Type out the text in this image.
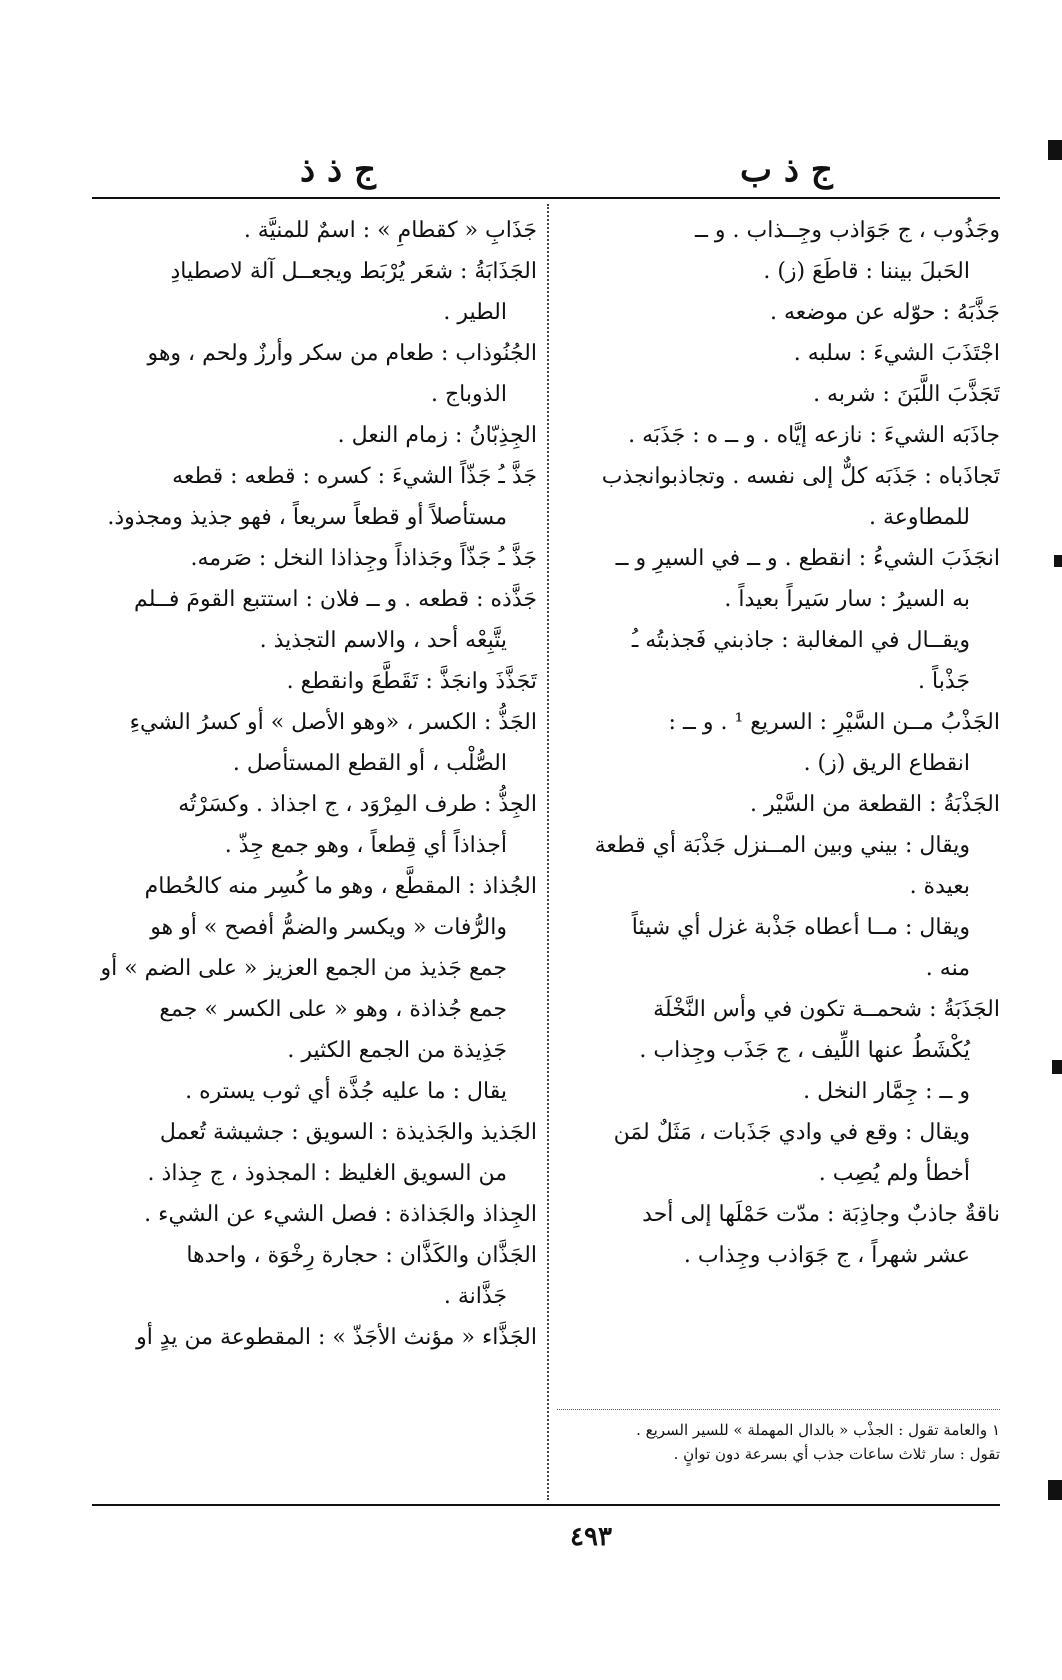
ج ذ ب
ج ذ ذ
وجَذُوب ، ج جَوَاذب وجِــذاب . و ــ
الحَبلَ بيننا : قاطَعَ (ز) .
جَذَّبَهُ : حوّله عن موضعه .
اجْتَذَبَ الشيءَ : سلبه .
تَجَذَّبَ اللَّبَنَ : شربه .
جاذَبَه الشيءَ : نازعه إيَّاه . و ــ ه : جَذَبَه .
تَجاذَباه : جَذَبَه كلٌّ إلى نفسه . وتجاذبوانجذب
للمطاوعة .
انجَذَبَ الشيءُ : انقطع . و ــ في السيرِ و ــ
به السيرُ : سار سَيراً بعيداً .
ويقــال في المغالبة : جاذبني فَجذبتُه ـُ
جَذْباً .
الجَذْبُ مــن السَّيْرِ : السريع ¹ . و ــ :
انقطاع الريق (ز) .
الجَذْبَةُ : القطعة من السَّيْر .
ويقال : بيني وبين المــنزل جَذْبَة أي قطعة
بعيدة .
ويقال : مــا أعطاه جَذْبة غزل أي شيئاً
منه .
الجَذَبَةُ : شحمــة تكون في وأس النَّخْلَة
يُكْشَطُ عنها اللِّيف ، ج جَذَب وجِذاب .
و ــ : جِمَّار النخل .
ويقال : وقع في وادي جَذَبات ، مَثَلٌ لمَن
أخطأ ولم يُصِب .
ناقةٌ جاذبٌ وجاذِبَة : مدّت حَمْلَها إلى أحد
عشر شهراً ، ج جَوَاذب وجِذاب .
١ والعامة تقول : الجذْب « بالدال المهملة » للسير السريع .
تقول : سار ثلاث ساعات جذب أي بسرعة دون توانٍ .
جَذَابِ « كقطامِ » : اسمٌ للمنيَّة .
الجَذَابَةُ : شعَر يُرْبَط ويجعــل آلة لاصطيادِ
الطير .
الجُنُوذاب : طعام من سكر وأرزٌ ولحم ، وهو
الذوباج .
الجِذِبّانُ : زمام النعل .
جَذَّ ـُ جَذّاً الشيءَ : كسره : قطعه : قطعه
مستأصلاً أو قطعاً سريعاً ، فهو جذيذ ومجذوذ.
جَذَّ ـُ جَذّاً وجَذاذاً وجِذاذا النخل : صَرمه.
جَذَّذه : قطعه . و ــ فلان : استتبع القومَ فــلم
يتَّبِعْه أحد ، والاسم التجذيذ .
تَجَذَّذَ وانجَذَّ : تَقَطَّعَ وانقطع .
الجَذُّ : الكسر ، «وهو الأصل » أو كسرُ الشيءِ
الصُّلْب ، أو القطع المستأصل .
الجِذُّ : طرف المِرْوَد ، ج اجذاذ . وكسَرْتُه
أجذاذاً أي قِطعاً ، وهو جمع جِذّ .
الجُذاذ : المقطَّع ، وهو ما كُسِر منه كالحُطام
والرُّفات « ويكسر والضمُّ أفصح » أو هو
جمع جَذيذ من الجمع العزيز « على الضم » أو
جمع جُذاذة ، وهو « على الكسر » جمع
جَذِيذة من الجمع الكثير .
يقال : ما عليه جُذَّة أي ثوب يستره .
الجَذيذ والجَذيذة : السويق : جشيشة تُعمل
من السويق الغليظ : المجذوذ ، ج جِذاذ .
الجِذاذ والجَذاذة : فصل الشيء عن الشيء .
الجَذَّان والكَذَّان : حجارة رِخْوَة ، واحدها
جَذَّانة .
الجَذَّاء « مؤنث الأجَذّ » : المقطوعة من يدٍ أو
٤٩٣
